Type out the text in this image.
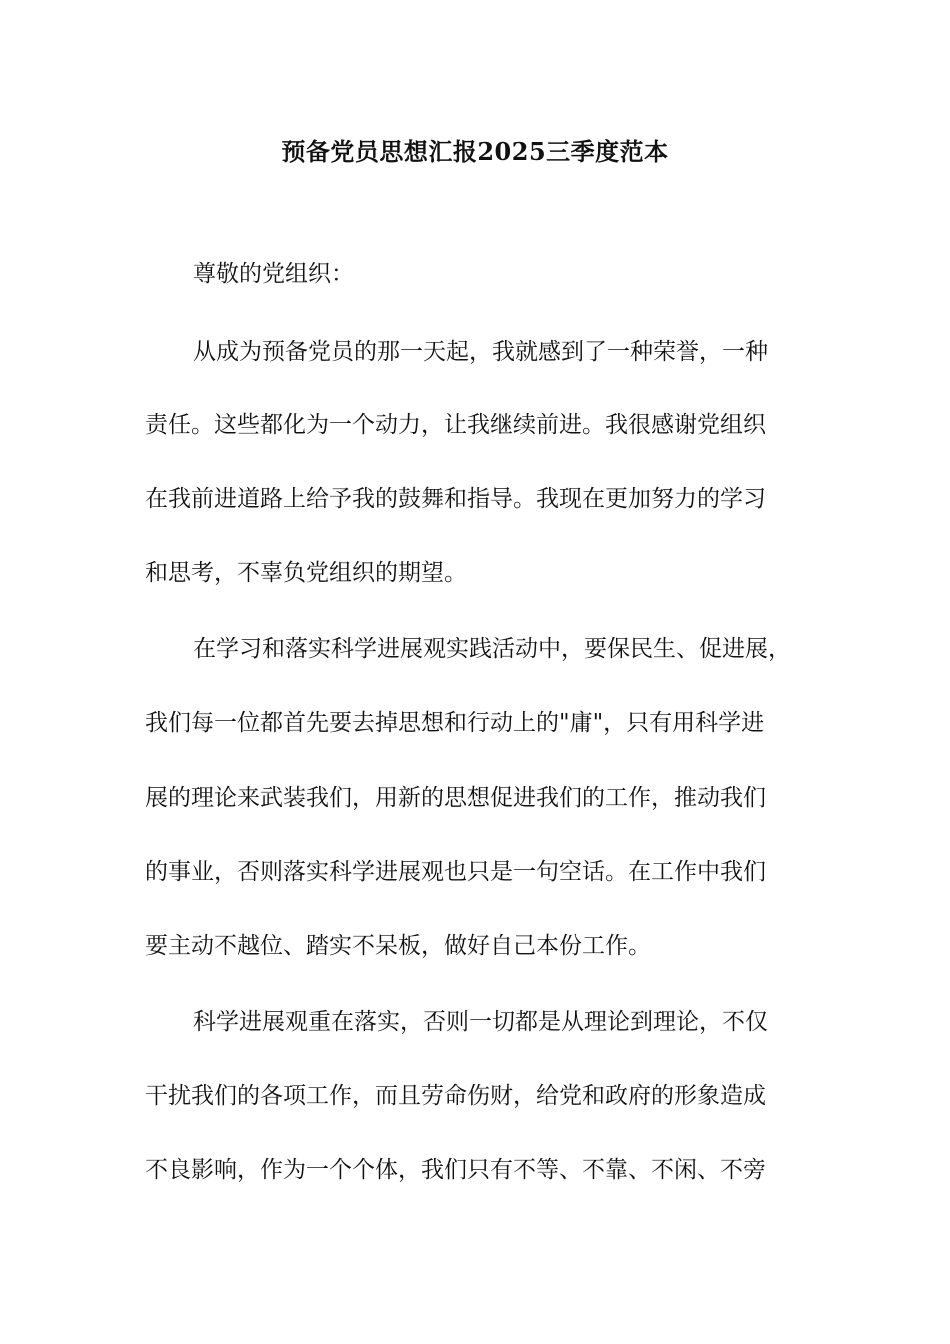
预备党员思想汇报2025三季度范本
尊敬的党组织：
从成为预备党员的那一天起，我就感到了一种荣誉，一种
责任。这些都化为一个动力，让我继续前进。我很感谢党组织
在我前进道路上给予我的鼓舞和指导。我现在更加努力的学习
和思考，不辜负党组织的期望。
在学习和落实科学进展观实践活动中，要保民生、促进展，
我们每一位都首先要去掉思想和行动上的"庸"，只有用科学进
展的理论来武装我们，用新的思想促进我们的工作，推动我们
的事业，否则落实科学进展观也只是一句空话。在工作中我们
要主动不越位、踏实不呆板，做好自己本份工作。
科学进展观重在落实，否则一切都是从理论到理论，不仅
干扰我们的各项工作，而且劳命伤财，给党和政府的形象造成
不良影响，作为一个个体，我们只有不等、不靠、不闲、不旁
